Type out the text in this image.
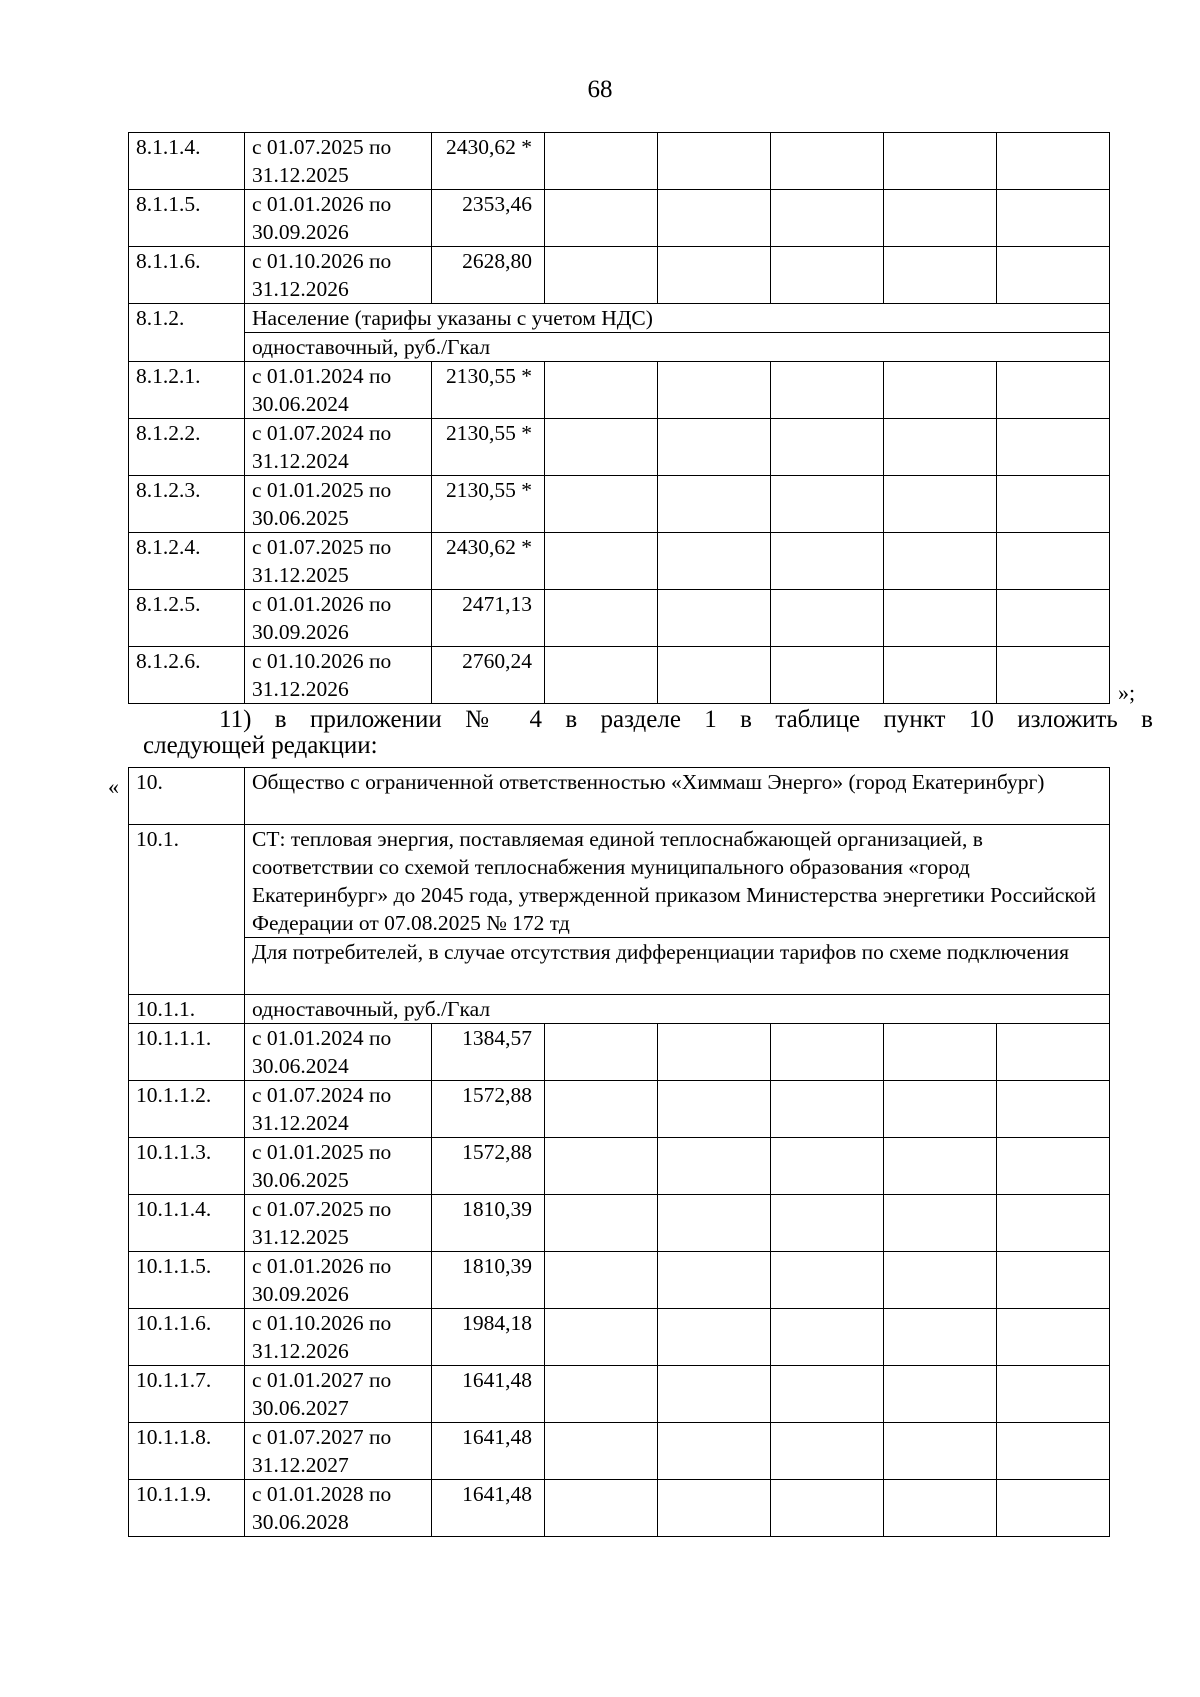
68
8.1.1.4.	с 01.07.2025 по 31.12.2025	2430,62 *					
8.1.1.5.	с 01.01.2026 по 30.09.2026	2353,46					
8.1.1.6.	с 01.10.2026 по 31.12.2026	2628,80					
8.1.2.	Население (тарифы указаны с учетом НДС)						
	одноставочный, руб./Гкал						
8.1.2.1.	с 01.01.2024 по 30.06.2024	2130,55 *					
8.1.2.2.	с 01.07.2024 по 31.12.2024	2130,55 *					
8.1.2.3.	с 01.01.2025 по 30.06.2025	2130,55 *					
8.1.2.4.	с 01.07.2025 по 31.12.2025	2430,62 *					
8.1.2.5.	с 01.01.2026 по 30.09.2026	2471,13					
8.1.2.6.	с 01.10.2026 по 31.12.2026	2760,24					
»;
11) в приложении № 4 в разделе 1 в таблице пункт 10 изложить в
следующей редакции:
« 10.	Общество с ограниченной ответственностью «Химмаш Энерго» (город Екатеринбург)						
10.1.	СТ: тепловая энергия, поставляемая единой теплоснабжающей организацией, в соответствии со схемой теплоснабжения муниципального образования «город Екатеринбург» до 2045 года, утвержденной приказом Министерства энергетики Российской Федерации от 07.08.2025 № 172 тд						
	Для потребителей, в случае отсутствия дифференциации тарифов по схеме подключения						
10.1.1.	одноставочный, руб./Гкал						
10.1.1.1.	с 01.01.2024 по 30.06.2024	1384,57					
10.1.1.2.	с 01.07.2024 по 31.12.2024	1572,88					
10.1.1.3.	с 01.01.2025 по 30.06.2025	1572,88					
10.1.1.4.	с 01.07.2025 по 31.12.2025	1810,39					
10.1.1.5.	с 01.01.2026 по 30.09.2026	1810,39					
10.1.1.6.	с 01.10.2026 по 31.12.2026	1984,18					
10.1.1.7.	с 01.01.2027 по 30.06.2027	1641,48					
10.1.1.8.	с 01.07.2027 по 31.12.2027	1641,48					
10.1.1.9.	с 01.01.2028 по 30.06.2028	1641,48					
